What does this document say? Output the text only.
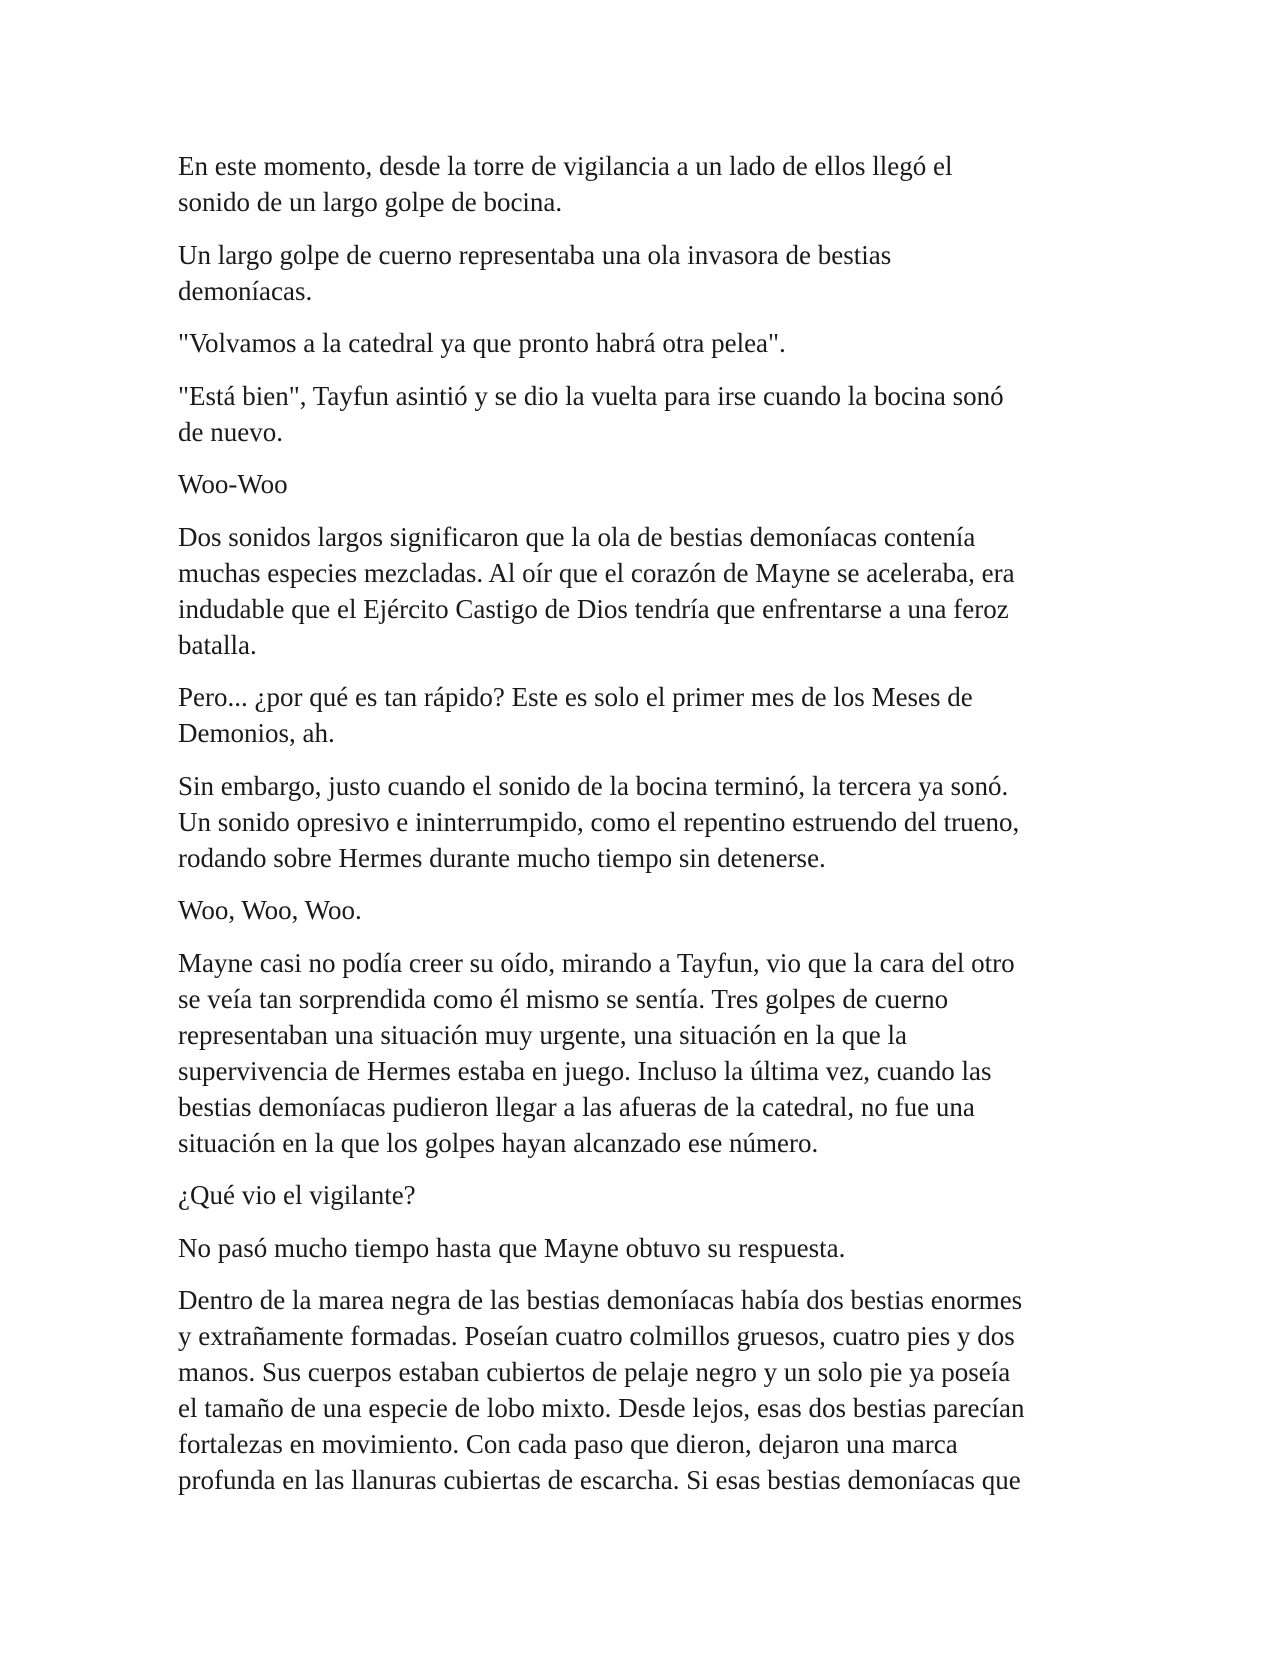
En este momento, desde la torre de vigilancia a un lado de ellos llegó el
sonido de un largo golpe de bocina.

Un largo golpe de cuerno representaba una ola invasora de bestias
demoníacas.

"Volvamos a la catedral ya que pronto habrá otra pelea".

"Está bien", Tayfun asintió y se dio la vuelta para irse cuando la bocina sonó
de nuevo.

Woo-Woo

Dos sonidos largos significaron que la ola de bestias demoníacas contenía
muchas especies mezcladas. Al oír que el corazón de Mayne se aceleraba, era
indudable que el Ejército Castigo de Dios tendría que enfrentarse a una feroz
batalla.

Pero... ¿por qué es tan rápido? Este es solo el primer mes de los Meses de
Demonios, ah.

Sin embargo, justo cuando el sonido de la bocina terminó, la tercera ya sonó.
Un sonido opresivo e ininterrumpido, como el repentino estruendo del trueno,
rodando sobre Hermes durante mucho tiempo sin detenerse.

Woo, Woo, Woo.

Mayne casi no podía creer su oído, mirando a Tayfun, vio que la cara del otro
se veía tan sorprendida como él mismo se sentía. Tres golpes de cuerno
representaban una situación muy urgente, una situación en la que la
supervivencia de Hermes estaba en juego. Incluso la última vez, cuando las
bestias demoníacas pudieron llegar a las afueras de la catedral, no fue una
situación en la que los golpes hayan alcanzado ese número.

¿Qué vio el vigilante?

No pasó mucho tiempo hasta que Mayne obtuvo su respuesta.

Dentro de la marea negra de las bestias demoníacas había dos bestias enormes
y extrañamente formadas. Poseían cuatro colmillos gruesos, cuatro pies y dos
manos. Sus cuerpos estaban cubiertos de pelaje negro y un solo pie ya poseía
el tamaño de una especie de lobo mixto. Desde lejos, esas dos bestias parecían
fortalezas en movimiento. Con cada paso que dieron, dejaron una marca
profunda en las llanuras cubiertas de escarcha. Si esas bestias demoníacas que
